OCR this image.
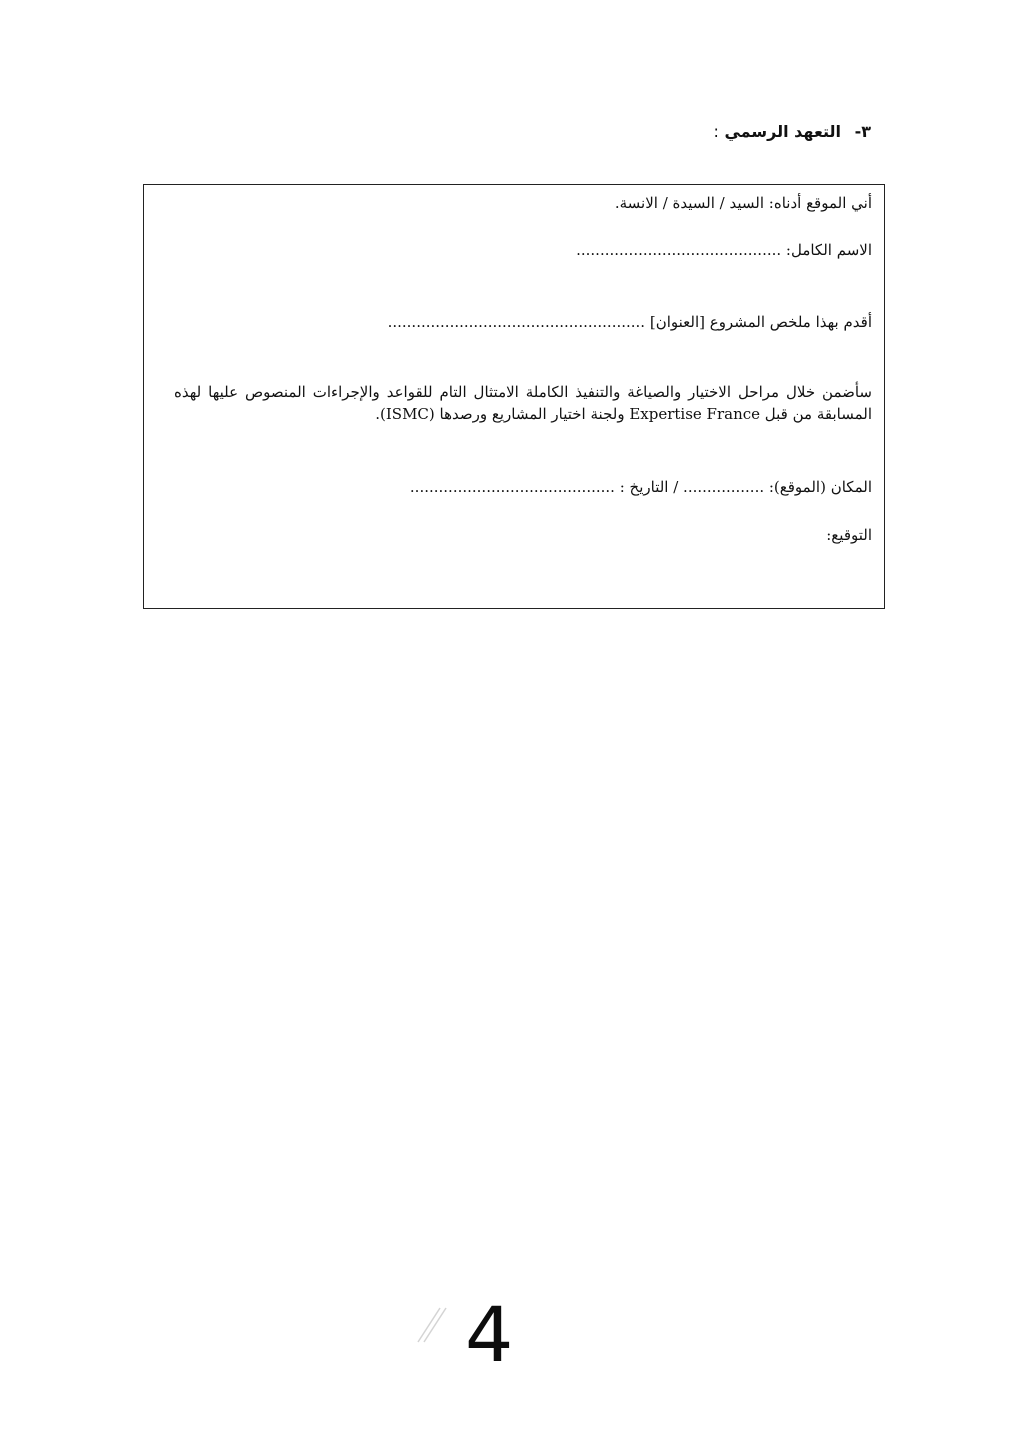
٣- التعهد الرسمي :
أني الموقع أدناه: السيد / السيدة / الانسة.
الاسم الكامل: ...........................................
أقدم بهذا ملخص المشروع [العنوان] ......................................................
سأضمن خلال مراحل الاختيار والصياغة والتنفيذ الكاملة الامتثال التام للقواعد والإجراءات المنصوص عليها لهذه المسابقة من قبل Expertise France ولجنة اختيار المشاريع ورصدها (ISMC).
المكان (الموقع): ................. / التاريخ : ...........................................
التوقيع:
4
